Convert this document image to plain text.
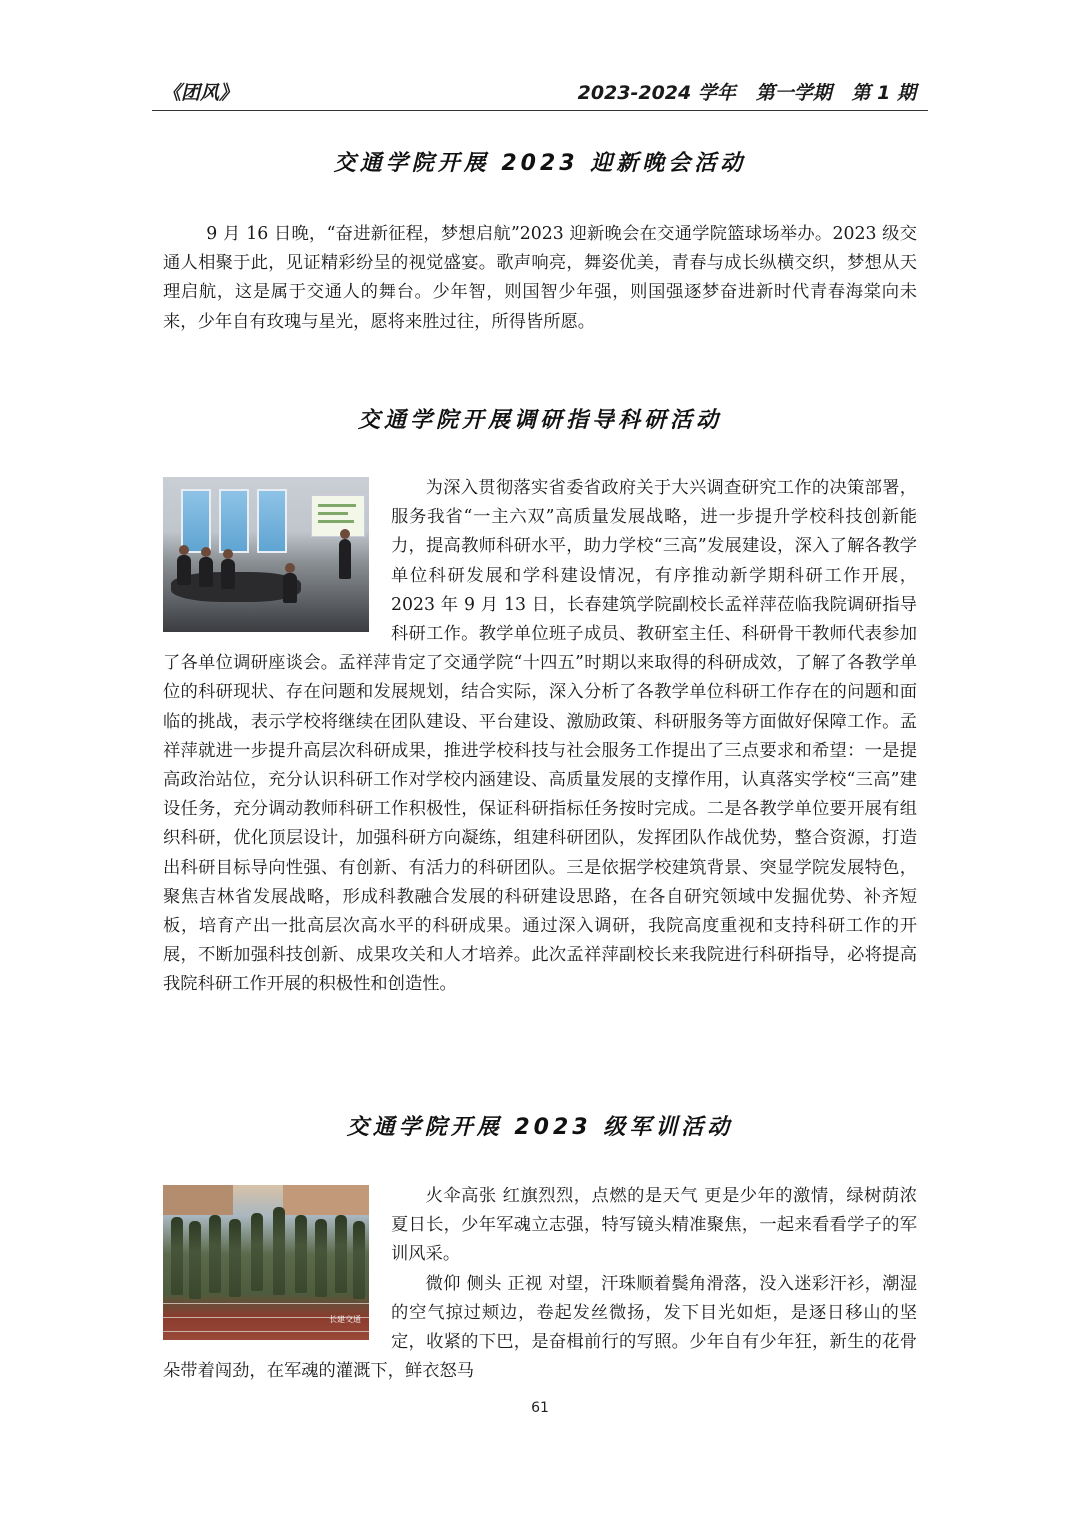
《团风》	2023-2024 学年   第一学期   第 1 期
交通学院开展 2023 迎新晚会活动

9 月 16 日晚，“奋进新征程，梦想启航”2023 迎新晚会在交通学院篮球场举办。2023 级交通人相聚于此，见证精彩纷呈的视觉盛宴。歌声响亮，舞姿优美，青春与成长纵横交织，梦想从天理启航，这是属于交通人的舞台。少年智，则国智少年强，则国强逐梦奋进新时代青春海棠向未来，少年自有玫瑰与星光，愿将来胜过往，所得皆所愿。

交通学院开展调研指导科研活动

为深入贯彻落实省委省政府关于大兴调查研究工作的决策部署，服务我省“一主六双”高质量发展战略，进一步提升学校科技创新能力，提高教师科研水平，助力学校“三高”发展建设，深入了解各教学单位科研发展和学科建设情况，有序推动新学期科研工作开展，2023 年 9 月 13 日，长春建筑学院副校长孟祥萍莅临我院调研指导科研工作。教学单位班子成员、教研室主任、科研骨干教师代表参加了各单位调研座谈会。孟祥萍肯定了交通学院“十四五”时期以来取得的科研成效，了解了各教学单位的科研现状、存在问题和发展规划，结合实际，深入分析了各教学单位科研工作存在的问题和面临的挑战，表示学校将继续在团队建设、平台建设、激励政策、科研服务等方面做好保障工作。孟祥萍就进一步提升高层次科研成果，推进学校科技与社会服务工作提出了三点要求和希望：一是提高政治站位，充分认识科研工作对学校内涵建设、高质量发展的支撑作用，认真落实学校“三高”建设任务，充分调动教师科研工作积极性，保证科研指标任务按时完成。二是各教学单位要开展有组织科研，优化顶层设计，加强科研方向凝练，组建科研团队，发挥团队作战优势，整合资源，打造出科研目标导向性强、有创新、有活力的科研团队。三是依据学校建筑背景、突显学院发展特色，聚焦吉林省发展战略，形成科教融合发展的科研建设思路，在各自研究领域中发掘优势、补齐短板，培育产出一批高层次高水平的科研成果。通过深入调研，我院高度重视和支持科研工作的开展，不断加强科技创新、成果攻关和人才培养。此次孟祥萍副校长来我院进行科研指导，必将提高我院科研工作开展的积极性和创造性。

交通学院开展 2023 级军训活动
长建交通

火伞高张 红旗烈烈，点燃的是天气 更是少年的激情，绿树荫浓夏日长，少年军魂立志强，特写镜头精准聚焦，一起来看看学子的军训风采。

微仰 侧头 正视 对望，汗珠顺着鬓角滑落，没入迷彩汗衫，潮湿的空气掠过颊边，卷起发丝微扬，发下目光如炬，是逐日移山的坚定，收紧的下巴，是奋楫前行的写照。少年自有少年狂，新生的花骨朵带着闯劲，在军魂的灌溉下，鲜衣怒马

61
